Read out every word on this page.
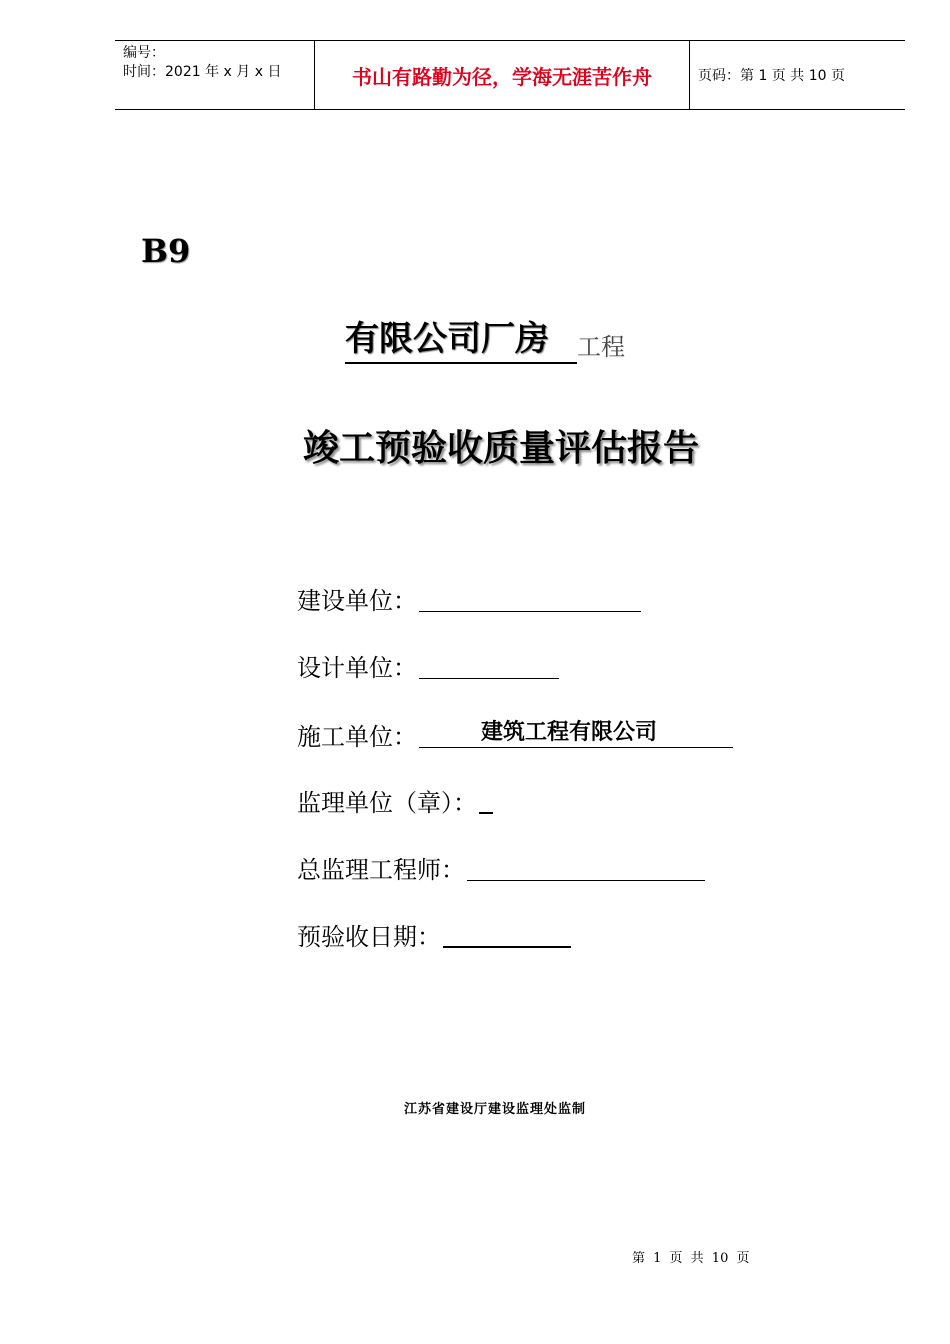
编号：
时间：2021 年 x 月 x 日	书山有路勤为径，学海无涯苦作舟	页码：第 1 页 共 10 页
B9
有限公司厂房	工程
竣工预验收质量评估报告
建设单位：
设计单位：
施工单位：	建筑工程有限公司
监理单位（章）：
总监理工程师：
预验收日期：
江苏省建设厅建设监理处监制
第 1 页 共 10 页
